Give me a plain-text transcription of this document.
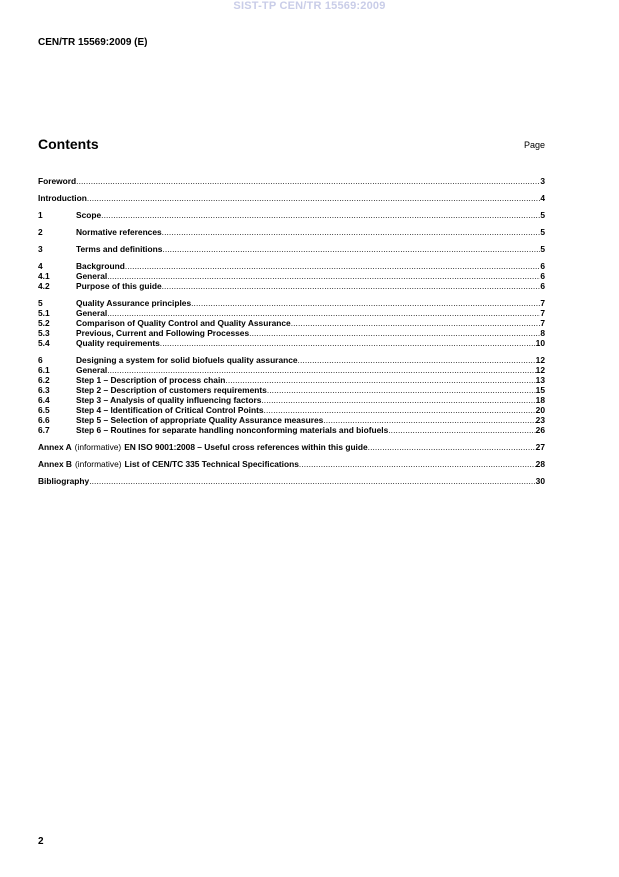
SIST-TP CEN/TR 15569:2009
CEN/TR 15569:2009 (E)
Contents	Page
Foreword .....	3
Introduction .....	4
1	Scope .....	5
2	Normative references .....	5
3	Terms and definitions .....	5
4	Background .....	6
4.1	General .....	6
4.2	Purpose of this guide .....	6
5	Quality Assurance principles .....	7
5.1	General .....	7
5.2	Comparison of Quality Control and Quality Assurance .....	7
5.3	Previous, Current and Following Processes .....	8
5.4	Quality requirements .....	10
6	Designing a system for solid biofuels quality assurance .....	12
6.1	General .....	12
6.2	Step 1 – Description of process chain .....	13
6.3	Step 2 – Description of customers requirements .....	15
6.4	Step 3 – Analysis of quality influencing factors .....	18
6.5	Step 4 – Identification of Critical Control Points .....	20
6.6	Step 5 – Selection of appropriate Quality Assurance measures .....	23
6.7	Step 6 – Routines for separate handling nonconforming materials and biofuels .....	26
Annex A (informative) EN ISO 9001:2008 – Useful cross references within this guide .....	27
Annex B (informative) List of CEN/TC 335 Technical Specifications .....	28
Bibliography .....	30
2
